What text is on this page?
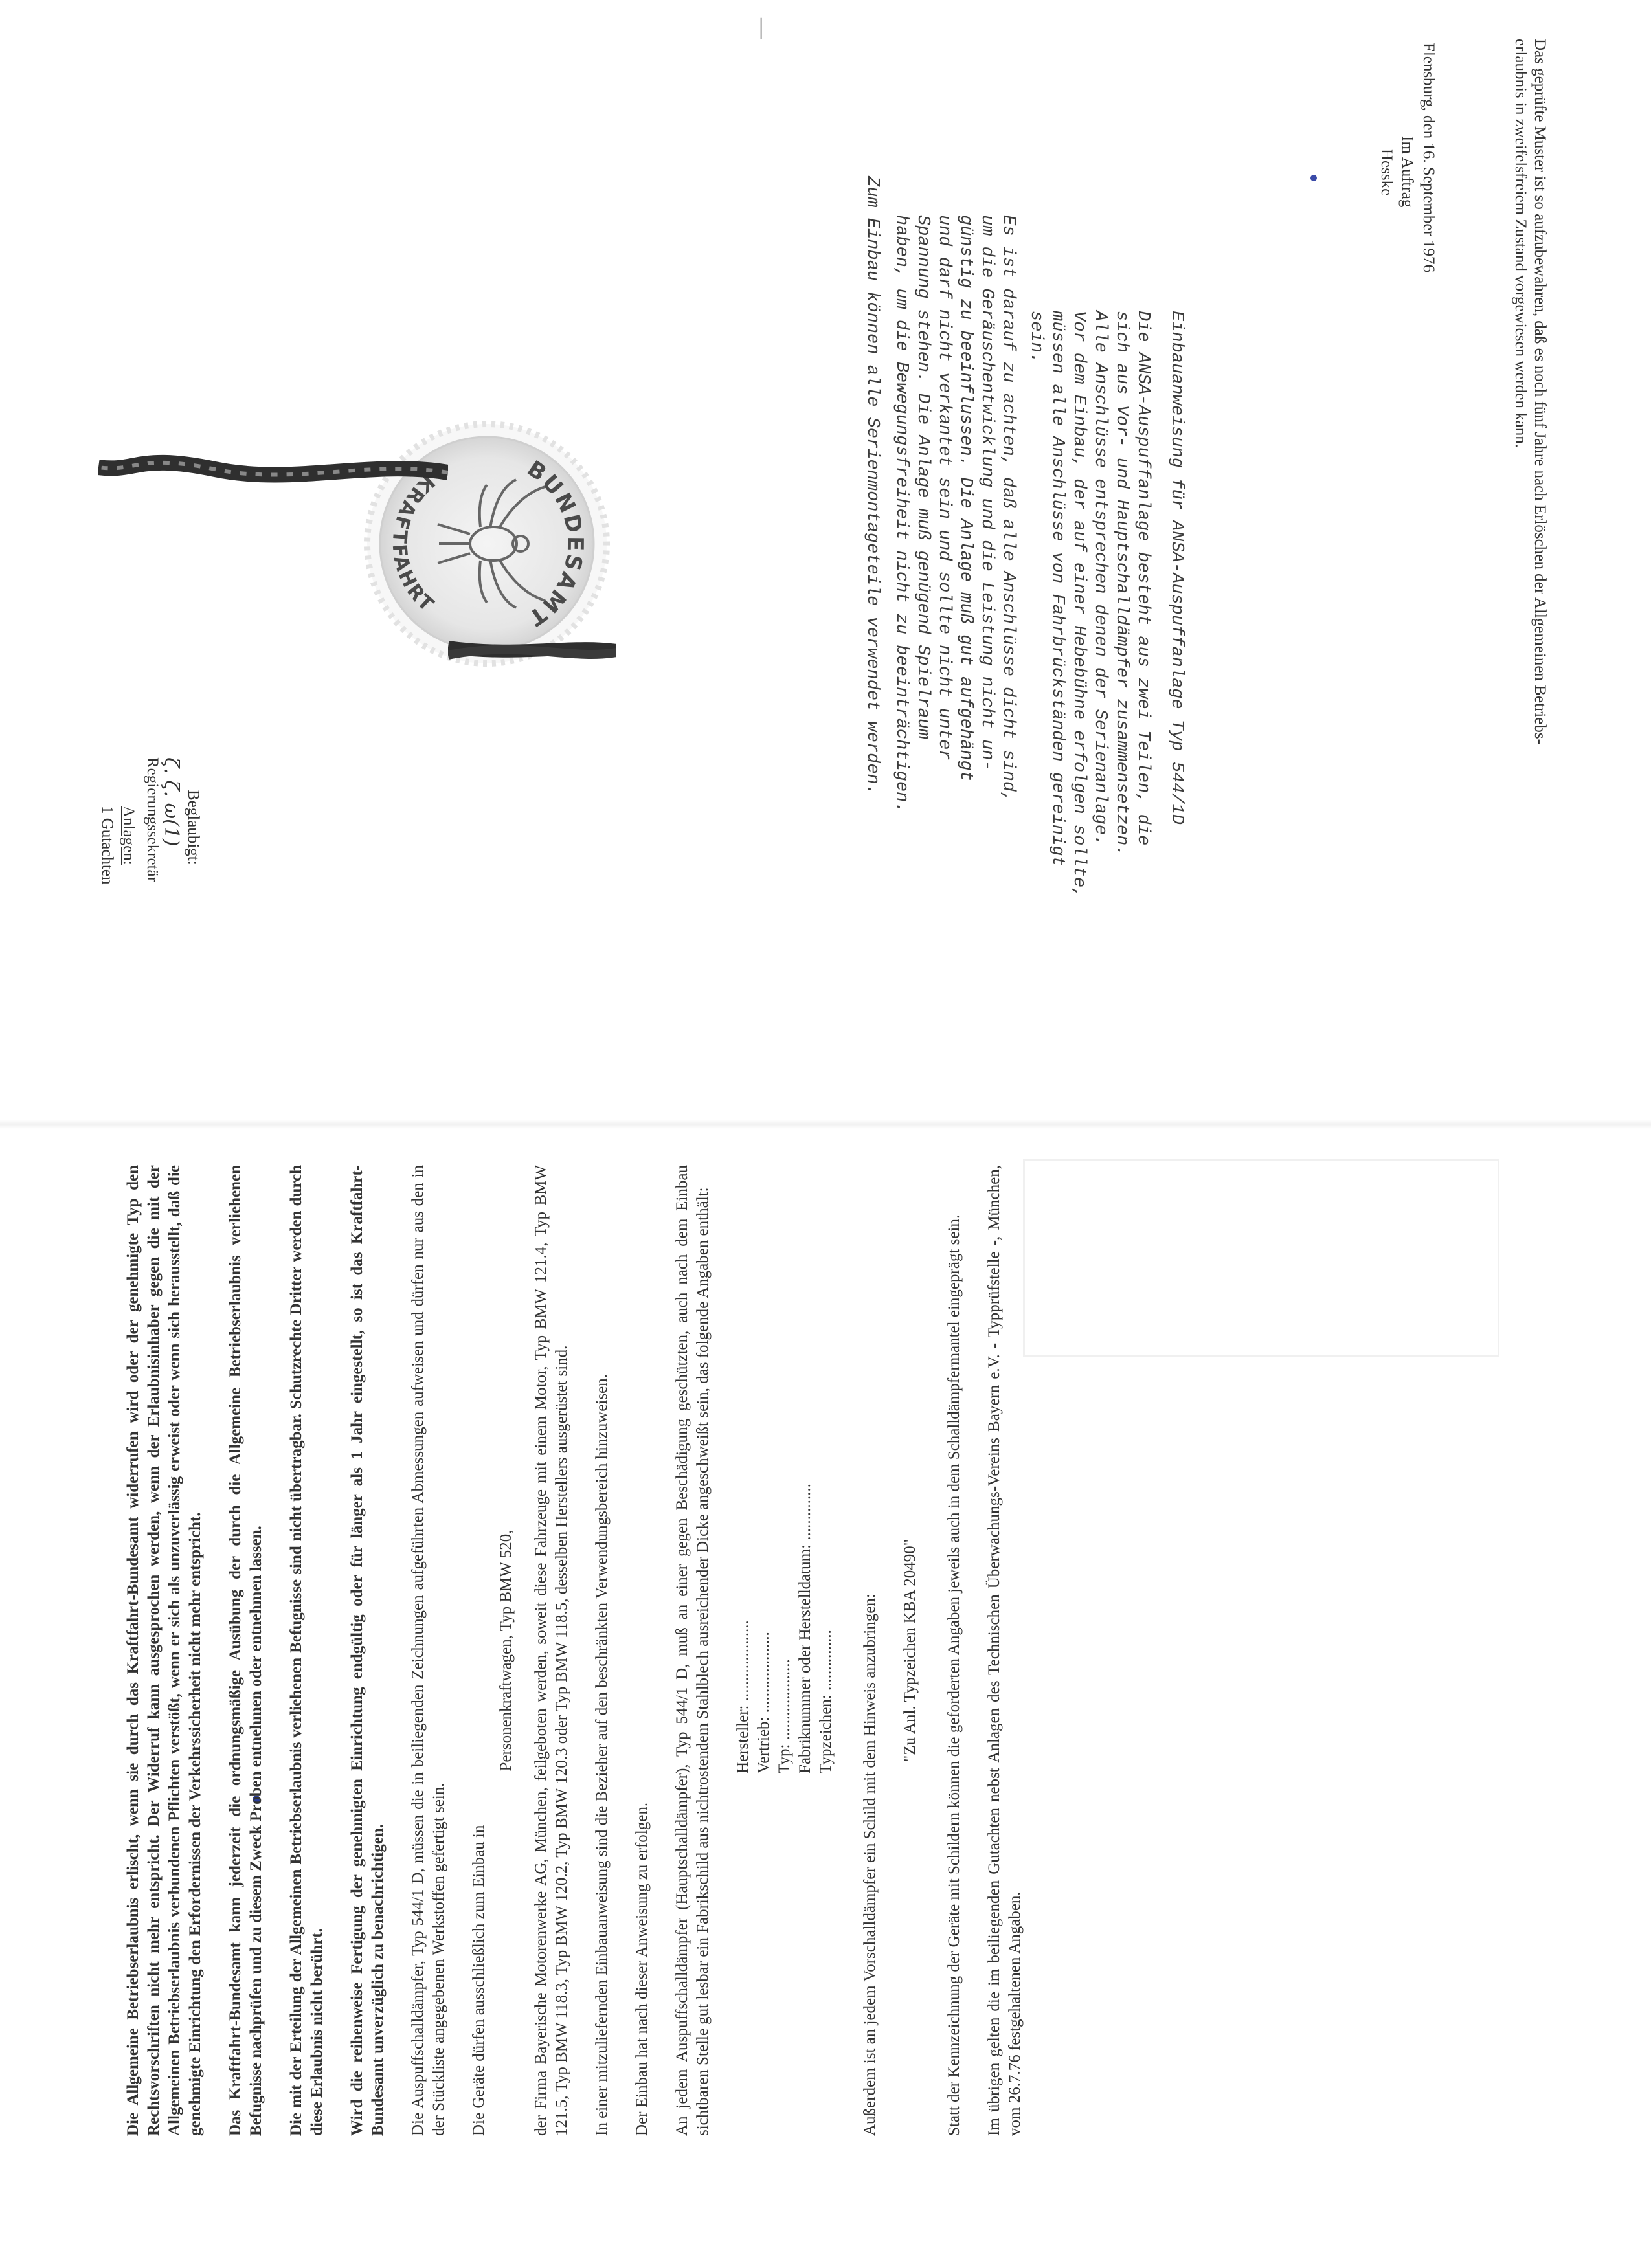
|
Das geprüfte Muster ist so aufzubewahren, daß es noch fünf Jahre nach Erlöschen der Allgemeinen Betriebs-
erlaubnis in zweifelsfreiem Zustand vorgewiesen werden kann.
Flensburg, den 16. September 1976
Im Auftrag
Hesske
Beglaubigt:
ζ. ζ. ω(1)
Regierungssekretär
Anlagen:
1 Gutachten
BUNDESAMT
KRAFTFAHRT	Einbauanweisung für ANSA-Auspuffanlage Typ 544/1D
Die ANSA-Auspuffanlage besteht aus zwei Teilen, die
sich aus Vor- und Hauptschalldämpfer zusammensetzen.
Alle Anschlüsse entsprechen denen der Serienanlage.
Vor dem Einbau, der auf einer Hebebühne erfolgen sollte,
müssen alle Anschlüsse von Fahrbrückständen gereinigt
sein.
Es ist darauf zu achten, daß alle Anschlüsse dicht sind,
um die Geräuschentwicklung und die Leistung nicht un-
günstig zu beeinflussen. Die Anlage muß gut aufgehängt
und darf nicht verkantet sein und sollte nicht unter
Spannung stehen. Die Anlage muß genügend Spielraum
haben, um die Bewegungsfreiheit nicht zu beeinträchtigen.
Zum Einbau können alle Serienmontageteile verwendet werden.

Die Allgemeine Betriebserlaubnis erlischt, wenn sie durch das Kraftfahrt-Bundesamt widerrufen wird oder der genehmigte Typ den Rechtsvorschriften nicht mehr entspricht. Der Widerruf kann ausgesprochen werden, wenn der Erlaubnisinhaber gegen die mit der Allgemeinen Betriebserlaubnis verbundenen Pflichten verstößt, wenn er sich als unzuverlässig erweist oder wenn sich herausstellt, daß die genehmigte Einrichtung den Erfordernissen der Verkehrssicherheit nicht mehr entspricht. Das Kraftfahrt-Bundesamt kann jederzeit die ordnungsmäßige Ausübung der durch die Allgemeine Betriebserlaubnis verliehenen Befugnisse nachprüfen und zu diesem Zweck Proben entnehmen oder entnehmen lassen. Die mit der Erteilung der Allgemeinen Betriebserlaubnis verliehenen Befugnisse sind nicht übertragbar. Schutzrechte Dritter werden durch diese Erlaubnis nicht berührt. Wird die reihenweise Fertigung der genehmigten Einrichtung endgültig oder für länger als 1 Jahr eingestellt, so ist das Kraftfahrt-Bundesamt unverzüglich zu benachrichtigen. Die Auspuffschalldämpfer, Typ 544/1 D, müssen die in beiliegenden Zeichnungen aufgeführten Abmessungen aufweisen und dürfen nur aus den in der Stückliste angegebenen Werkstoffen gefertigt sein. Die Geräte dürfen ausschließlich zum Einbau in

Personenkraftwagen, Typ BMW 520, der Firma Bayerische Motorenwerke AG, München, feilgeboten werden, soweit diese Fahrzeuge mit einem Motor, Typ BMW 121.4, Typ BMW 121.5, Typ BMW 118.3, Typ BMW 120.2, Typ BMW 120.3 oder Typ BMW 118.5, desselben Herstellers ausgerüstet sind. In einer mitzuliefernden Einbauanweisung sind die Bezieher auf den beschränkten Verwendungsbereich hinzuweisen. Der Einbau hat nach dieser Anweisung zu erfolgen. An jedem Auspuffschalldämpfer (Hauptschalldämpfer), Typ 544/1 D, muß an einer gegen Beschädigung geschützten, auch nach dem Einbau sichtbaren Stelle gut lesbar ein Fabrikschild aus nichtrostendem Stahlblech ausreichender Dicke angeschweißt sein, das folgende Angaben enthält: Hersteller: .................... Vertrieb: .................... Typ: .................... Fabriknummer oder Herstelldatum: .............. Typzeichen: ............... Außerdem ist an jedem Vorschalldämpfer ein Schild mit dem Hinweis anzubringen: "Zu Anl. Typzeichen KBA 20490" Statt der Kennzeichnung der Geräte mit Schildern können die geforderten Angaben jeweils auch in dem Schalldämpfermantel eingeprägt sein. Im übrigen gelten die im beiliegenden Gutachten nebst Anlagen des Technischen Überwachungs-Vereins Bayern e.V. - Typprüfstelle -, München, vom 26.7.76 festgehaltenen Angaben.
